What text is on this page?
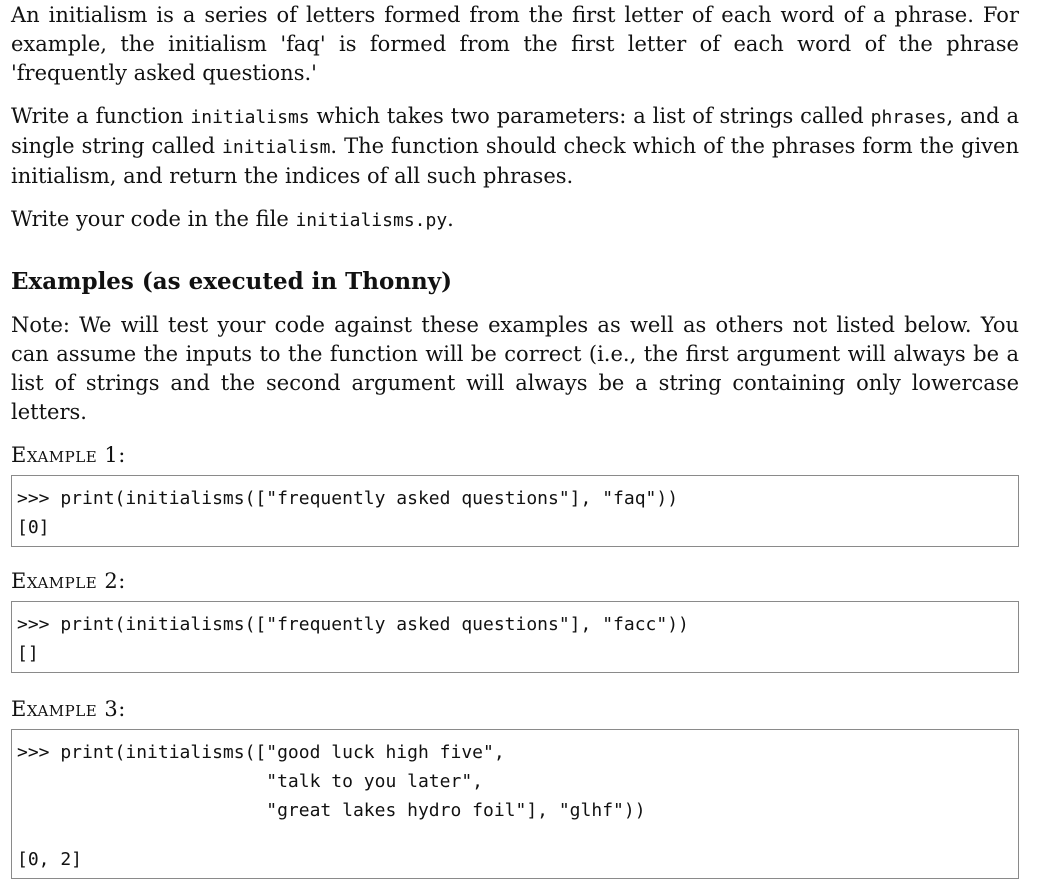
An initialism is a series of letters formed from the first letter of each word of a phrase. For example, the initialism 'faq' is formed from the first letter of each word of the phrase 'frequently asked questions.'

Write a function initialisms which takes two parameters: a list of strings called phrases, and a single string called initialism. The function should check which of the phrases form the given initialism, and return the indices of all such phrases.

Write your code in the file initialisms.py.

Examples (as executed in Thonny)

Note: We will test your code against these examples as well as others not listed below. You can assume the inputs to the function will be correct (i.e., the first argument will always be a list of strings and the second argument will always be a string containing only lowercase letters.

Example 1:
>>> print(initialisms(["frequently asked questions"], "faq"))
[0]
Example 2:
>>> print(initialisms(["frequently asked questions"], "facc"))
[]
Example 3:
>>> print(initialisms(["good luck high five",
"talk to you later",
"great lakes hydro foil"], "glhf"))
[0, 2]
